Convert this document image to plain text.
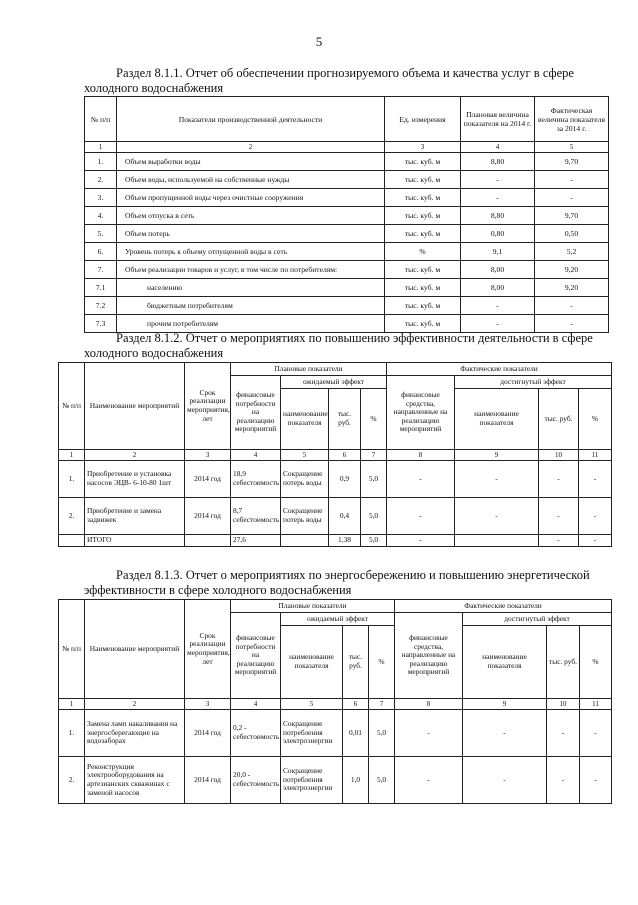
5
Раздел 8.1.1. Отчет об обеспечении прогнозируемого объема и качества услуг в сфере холодного водоснабжения
№ п/п	Показатели производственной деятельности	Ед. измерения	Плановая величина показателя на 2014 г.	Фактическая величина показателя за 2014 г.
1	2	3	4	5
1.	Объем выработки воды	тыс. куб. м	8,80	9,70
2.	Объем воды, используемой на собственные нужды	тыс. куб. м	-	-
3.	Объем пропущенной воды через очистные сооружения	тыс. куб. м	-	-
4.	Объем отпуска в сеть	тыс. куб. м	8,80	9,70
5.	Объем потерь	тыс. куб. м	0,80	0,50
6.	Уровень потерь к объему отпущенной воды в сеть	%	9,1	5,2
7.	Объем реализации товаров и услуг, в том числе по потребителям:	тыс. куб. м	8,00	9,20
7.1	населению	тыс. куб. м	8,00	9,20
7.2	бюджетным потребителям	тыс. куб. м	-	-
7.3	прочим потребителям	тыс. куб. м	-	-
Раздел 8.1.2. Отчет о мероприятиях по повышению эффективности деятельности в сфере холодного водоснабжения
№ п/п	Наименование мероприятий	Срок реализации мероприятия, лет	Плановые показатели				Фактические показатели			
			финансовые потребности на реализацию мероприятий	ожидаемый эффект			финансовые средства, направленные на реализацию мероприятий	достигнутый эффект		
				наименование показателя	тыс. руб.	%		наименование показателя	тыс. руб.	%
1	2	3	4	5	6	7	8	9	10	11
1.	Приобретение и установка насосов ЭЦВ- 6-10-80 1шт	2014 год	18,9 себестоимость	Сокращение потерь воды	0,9	5,0	-	-	-	-
2.	Приобретение и замена задвижек	2014 год	8,7 себестоимость	Сокращение потерь воды	0,4	5,0	-	-	-	-
	ИТОГО		27,6		1,38	5,0	-		-	-
Раздел 8.1.3. Отчет о мероприятиях по энергосбережению и повышению энергетической эффективности в сфере холодного водоснабжения
№ п/п	Наименование мероприятий	Срок реализации мероприятия, лет	Плановые показатели				Фактические показатели			
			финансовые потребности на реализацию мероприятий	ожидаемый эффект			финансовые средства, направленные на реализацию мероприятий	достигнутый эффект		
				наименование показателя	тыс. руб.	%		наименование показателя	тыс. руб.	%
1	2	3	4	5	6	7	8	9	10	11
1.	Замена ламп накаливания на энергосберегающие на водозаборах	2014 год	0,2 - себестоимость	Сокращение потребления электроэнергии	0,01	5,0	-	-	-	-
2.	Реконструкция электрооборудования на артезианских скважинах с заменой насосов	2014 год	20,0 - себестоимость	Сокращение потребления электроэнергии	1,0	5,0	-	-	-	-
